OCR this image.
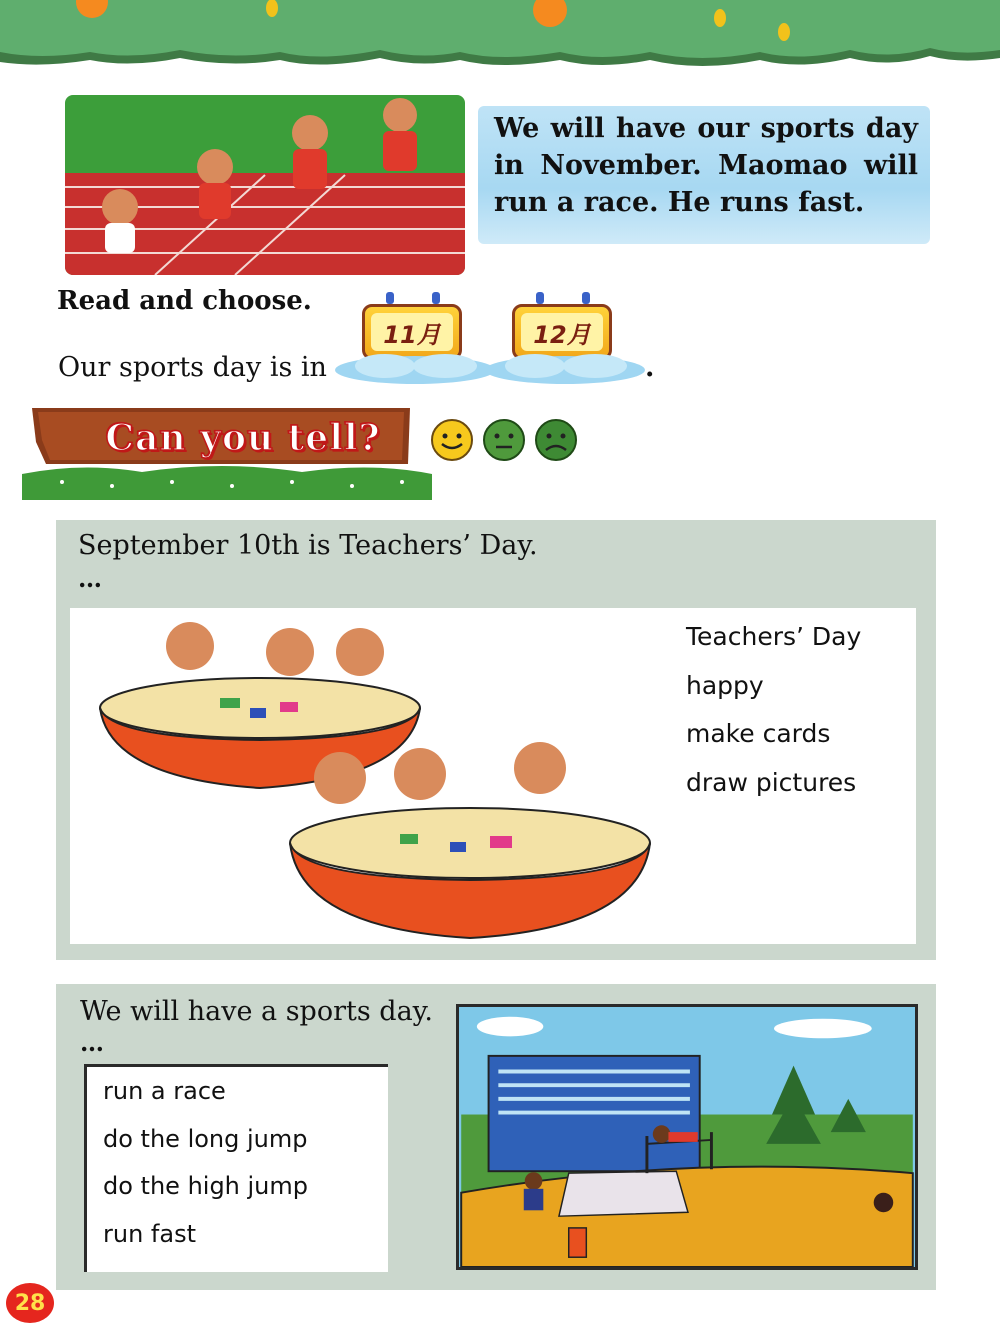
We will have our sports day in November. Maomao will run a race. He runs fast.

Read and choose.
Our sports day is in
11月	12月
.
Can you tell?
September 10th is Teachers’ Day.
…
Teachers’ Day
happy
make cards
draw pictures
We will have a sports day.
…
run a race
do the long jump
do the high jump
run fast
28
